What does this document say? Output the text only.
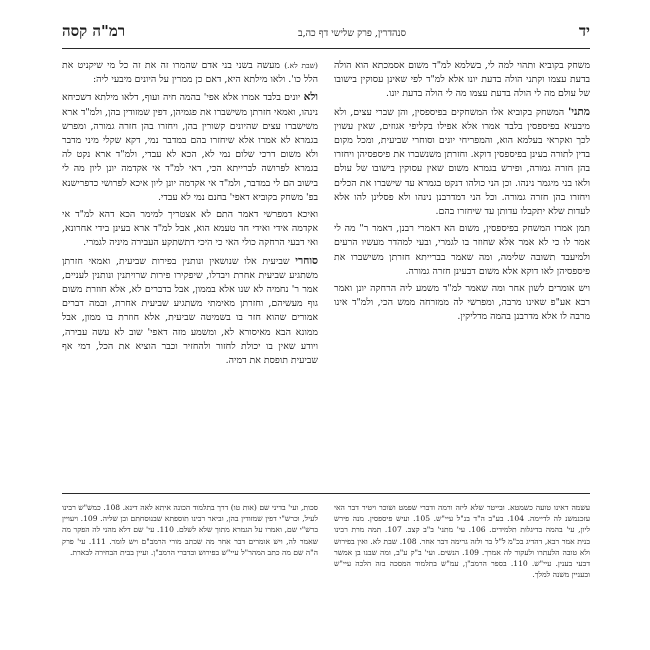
יד
סנהדרין, פרק שלישי דף כה,ב
רמ"ה קסה

משחק בקוביא ותהוי למה לי, בשלמא למ"ד משום אסמכתא הוא הולה בדעת עצמו וקתני הולה בדעת יונו אלא למ"ד לפי שאינן עסוקין בישובו של עולם מה לי הולה בדעת עצמו מה לי הולה בדעת יונו.

מתני' המשחק בקוביא אלו המשחקים בפיספסין, והן שברי עצים, ולא מיבעיא בפיספסין בלבד אמרו אלא אפילו בקליפי אגוזים, שאין עשוין לכך ואקראי בעלמא הוא, והמפריחי יונים וסוחרי שביעית, ומכל מקום בדין לתורה בעינן בפיספסין דוקא. וחזרתן משנשברו את פיספסיהן ויחזרו בהן חזרה גמורה, ופירש בגמרא משום שאין עסוקין בישובו של עולם ולאו בני מיגמר נינהו. וכן הני כולהו דנקט בגמרא עד שישברו את הכלים ויחזרו בהן חזרה גמורה. וכל הני דמדרבנן נינהו ולא פסלינן להו אלא לעדות שלא יתקבלו עדותן עד שיחזרו בהם.

תמן אמרו המשחק בפיספסין, משום הא דאמרי רבנן, דאמר ר" מה לי אמר לו כי לא אמר אלא שחוזר בו לגמרי, ובעי למהדר מעשיו הרעים ולמיעבד תשובה שלימה, ומה שאמר בברייתא חזרתן משישברו את פיספסיהן לאו דוקא אלא משום דבעינן חזרה גמורה.

ויש אומרים לשון אחר ומה שאמר למ"ד משמע ליה הרחקה יונן ואמר רבא אע"פ שאינו מרבה, ומפרשי לה ממזרחה ממש הכי, ולמ"ד אינו מרבה לו אלא מדרבנן בהמה מדליקין.

(שבת לא.) מעשה בשני בני אדם שהמרו זה את זה כל מי שיקניט את הלל כו'. ולאו מילתא היא, דאם כן ממרין על היונים מיבעי ליה:

ולא יונים בלבד אמרו אלא אפי' בהמה חיה ועוף, דלאו מילתא דשכיחא נינהו, ואמאי חזרתן משישברו את פגמיהן, דפין שמזודין בהן, ולמ"ד ארא משישברו עצים שהיונים קשורין בהן, ויחזרו בהן חזרה גמורה, ומפרש בגמרא לא אמרו אלא שיחזרו בהם במדבר נמי, דקא שקלי מיני מדבר ולא משום דרכי שלום נמי לא, הכא לא עבדי, ולמ"ד ארא נקט לה בגמרא לפרושה לברייתא הכי, דאי למ"ד אי אקדמה יונן ליון מה לי בישוב הם לי במדבר, ולמ"ד אי אקדמה יונן ליון איכא לפרושי כדפרישנא בפ' משחק בקוביא דאפי' בחנם נמי לא עבדי.

ואיכא דמפרשי דאמר התם לא אצטריך למימר הכא דהא למ"ד אי אקדמה אידי ואידי חד טעמא הוא, אבל למ"ד ארא בעינן בידי אחרונא, ואי דבעי הרחקה כולי האי כי היכי דתשתקע העבירה מיניה לגמרי.

סוחרי שביעית אלו שנושאין ונותנין בפירות שביעית, ואמאי חזרתן משתגיע שביעית אחרת ויבדלו, שיפקירו פירות שרויתנין ונותנין לעניים, אמר ר' נחמיה לא שנו אלא בממון, אבל בדברים לא, אלא חוזרת משום גוף מעשיהם, וחזרתן מאימתי משתגיע שביעית אחרת, ובמה דברים אמורים שהוא חזר בו בשמיטה שביעית, אלא חוזרת בו ממון, אבל ממונא הבא מאיסורא לא, ומשמע מזה דאפי' שוב לא עשה עבירה, ויודע שאין בו יכולת לחזור ולהחזיר וכבר הוציא את הכל, דמי אף שביעית תופסת את דמיה.

עשמה דאינו טועה כשמטא. ובייטר שלא ליזה ורמה ודברי שפמט ושוכר ויטיר דבר האי עזכנמשנ לה לדיימה. 104. בע"ב ה"ד בנ"ל עיי"ש. 105. ועיש פיספסין. מנה פירש ליון, עי' בהמה בדיגלות תלמידים. 106. עי' מתני' ב"ב קצב. 107. תמה מרת רבינו בנית אמר רבא, דהדיג בכ"מ ל"ל בר ולזה גרימה דבר אחר. 108. שבת לא. ואין בפירוש ולא טובה הלעתרו ולעקור לה אמרך. 109. הנשים. ועי' ב"ק ע"ב, ומה שבנו בן אמשר דבעי בענין. עיי"ש. 110. בספר הרמב"ן, עמ"ש בתלמוד המסכה בזה הלכה עיי"ש ובעניין משנה למלך.
סכות, ועי' בדיני שם (אות טו) דרך בתלמוד הכונה איתא לאה דינא. 108. כמש"ש רבינו לעיל, וכרש"י דפין שמזודין בהן, וביאר רבינו תוספתא שבנוסחתם ובן שליה. 109. ויעויין ברש"י שם, ואמרו על הגמרא מתוך שלא לשלם. 110. עי' שם דלא מהני לה הפקר מה שאמר לה, ויש אומרים דבר אחר מה שכתב מורי הרמב"ם ויש לומר. 111. עי' פרק ה"ה שם מה כתב המהר"ל עיי"ש בפירוש ובדברי הרמב"ן. ועיין בבית הבחירה לבארת.
